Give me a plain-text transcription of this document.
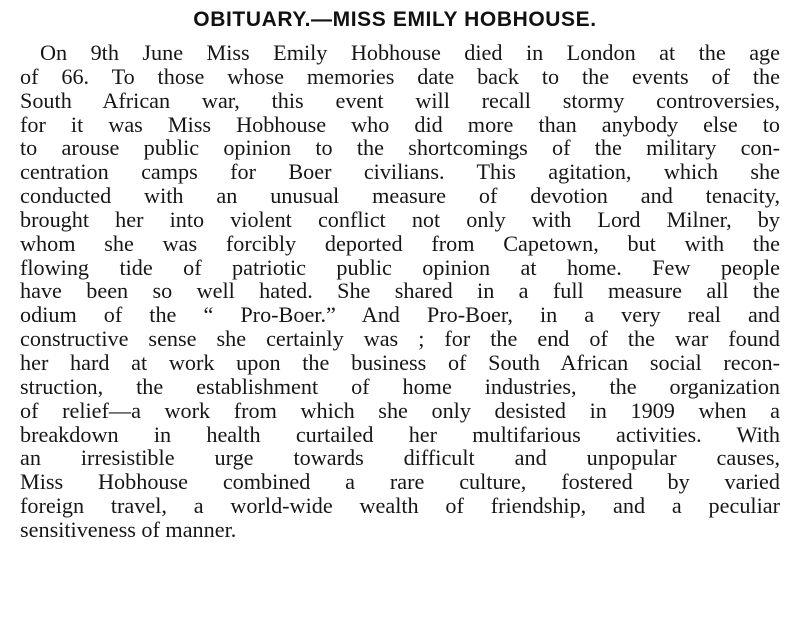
OBITUARY.—MISS EMILY HOBHOUSE.
On 9th June Miss Emily Hobhouse died in London at the age
of 66. To those whose memories date back to the events of the
South African war, this event will recall stormy controversies,
for it was Miss Hobhouse who did more than anybody else to
to arouse public opinion to the shortcomings of the military con-
centration camps for Boer civilians. This agitation, which she
conducted with an unusual measure of devotion and tenacity,
brought her into violent conflict not only with Lord Milner, by
whom she was forcibly deported from Capetown, but with the
flowing tide of patriotic public opinion at home. Few people
have been so well hated. She shared in a full measure all the
odium of the “ Pro-Boer.” And Pro-Boer, in a very real and
constructive sense she certainly was ; for the end of the war found
her hard at work upon the business of South African social recon-
struction, the establishment of home industries, the organization
of relief—a work from which she only desisted in 1909 when a
breakdown in health curtailed her multifarious activities. With
an irresistible urge towards difficult and unpopular causes,
Miss Hobhouse combined a rare culture, fostered by varied
foreign travel, a world-wide wealth of friendship, and a peculiar
sensitiveness of manner.
